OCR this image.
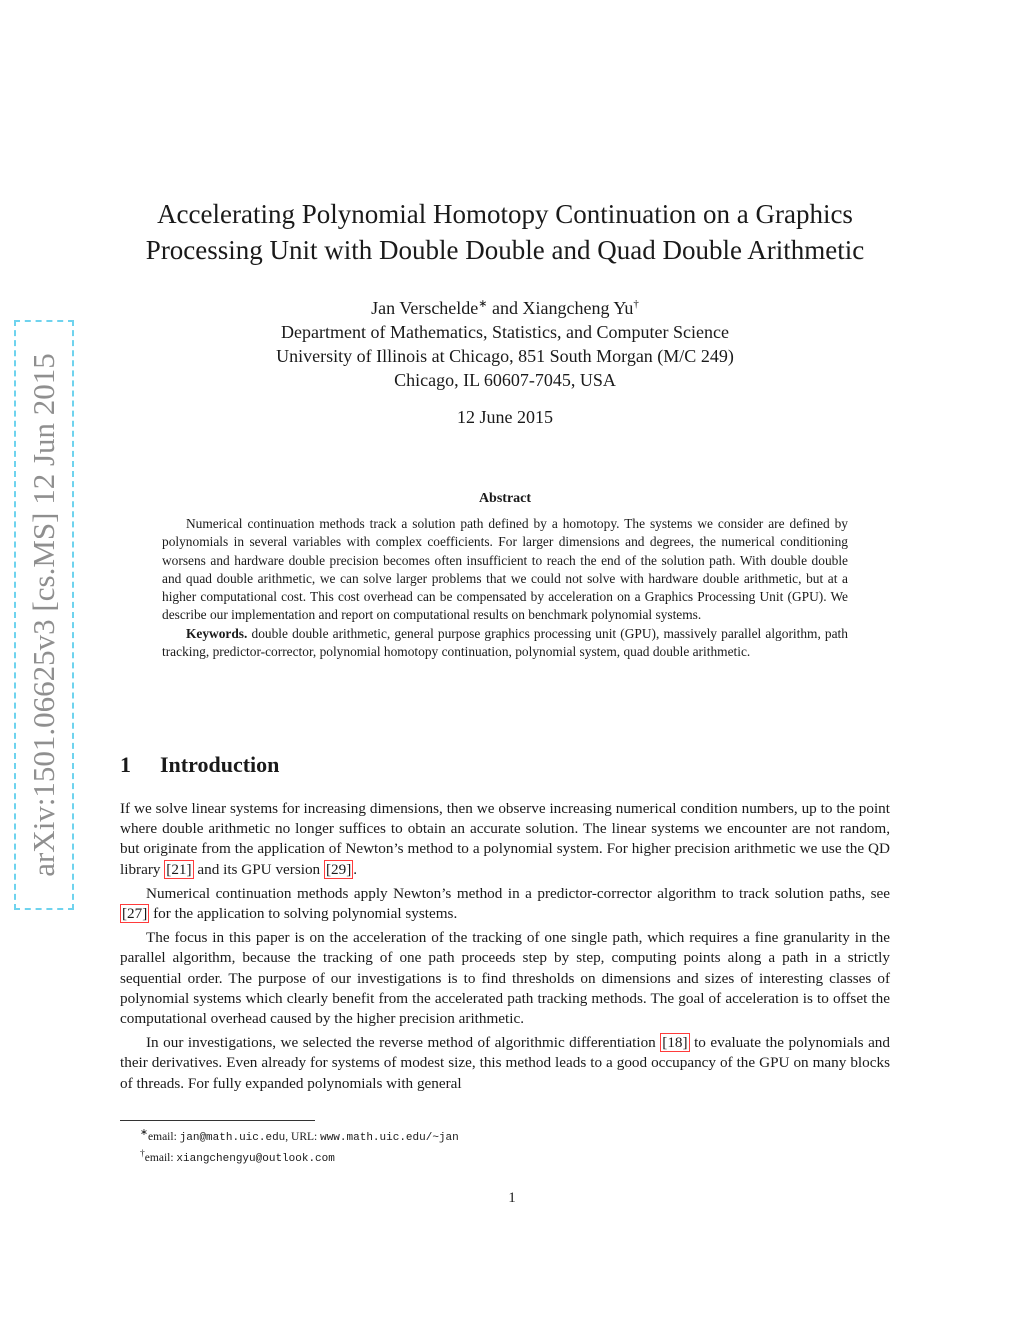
arXiv:1501.06625v3 [cs.MS] 12 Jun 2015
Accelerating Polynomial Homotopy Continuation on a Graphics
Processing Unit with Double Double and Quad Double Arithmetic
Jan Verschelde∗ and Xiangcheng Yu†
Department of Mathematics, Statistics, and Computer Science
University of Illinois at Chicago, 851 South Morgan (M/C 249)
Chicago, IL 60607-7045, USA
12 June 2015
Abstract

Numerical continuation methods track a solution path defined by a homotopy. The systems we consider are defined by polynomials in several variables with complex coefficients. For larger dimensions and degrees, the numerical conditioning worsens and hardware double precision becomes often insufficient to reach the end of the solution path. With double double and quad double arithmetic, we can solve larger problems that we could not solve with hardware double arithmetic, but at a higher computational cost. This cost overhead can be compensated by acceleration on a Graphics Processing Unit (GPU). We describe our implementation and report on computational results on benchmark polynomial systems.

Keywords. double double arithmetic, general purpose graphics processing unit (GPU), massively parallel algorithm, path tracking, predictor-corrector, polynomial homotopy continuation, polynomial system, quad double arithmetic.

1 Introduction

If we solve linear systems for increasing dimensions, then we observe increasing numerical condition numbers, up to the point where double arithmetic no longer suffices to obtain an accurate solution. The linear systems we encounter are not random, but originate from the application of Newton’s method to a polynomial system. For higher precision arithmetic we use the QD library [21] and its GPU version [29] .

Numerical continuation methods apply Newton’s method in a predictor-corrector algorithm to track solution paths, see [27] for the application to solving polynomial systems.

The focus in this paper is on the acceleration of the tracking of one single path, which requires a fine granularity in the parallel algorithm, because the tracking of one path proceeds step by step, computing points along a path in a strictly sequential order. The purpose of our investigations is to find thresholds on dimensions and sizes of interesting classes of polynomial systems which clearly benefit from the accelerated path tracking methods. The goal of acceleration is to offset the computational overhead caused by the higher precision arithmetic.

In our investigations, we selected the reverse method of algorithmic differentiation [18] to evaluate the polynomials and their derivatives. Even already for systems of modest size, this method leads to a good occupancy of the GPU on many blocks of threads. For fully expanded polynomials with general

∗email: jan@math.uic.edu, URL: www.math.uic.edu/~jan
†email: xiangchengyu@outlook.com
1
